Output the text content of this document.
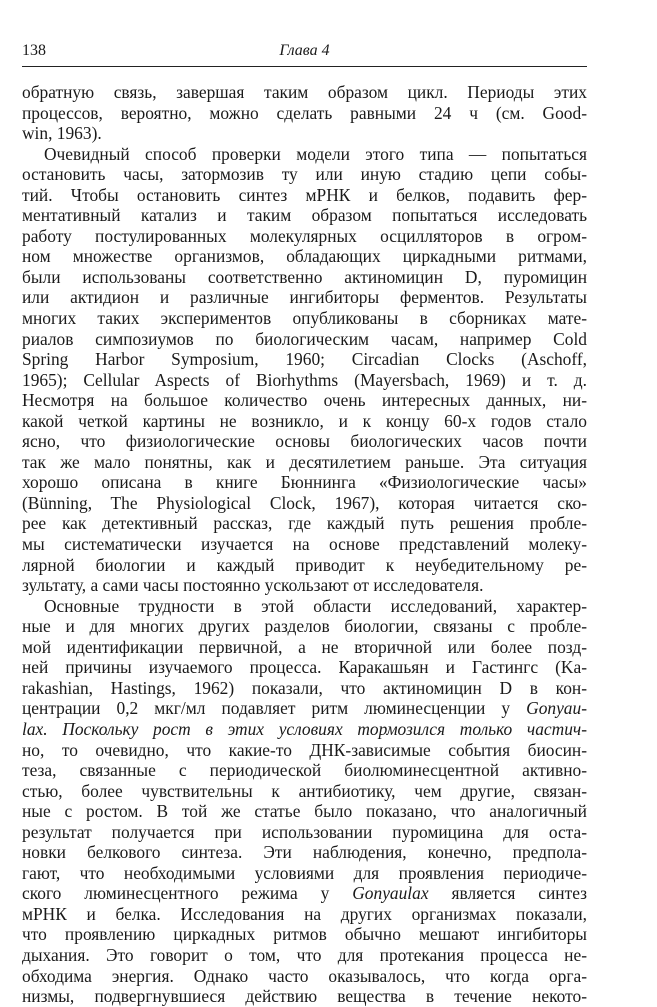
138	Глава 4
обратную связь, завершая таким образом цикл. Периоды этих
процессов, вероятно, можно сделать равными 24 ч (см. Good-
win, 1963).
Очевидный способ проверки модели этого типа — попытаться
остановить часы, затормозив ту или иную стадию цепи собы-
тий. Чтобы остановить синтез мРНК и белков, подавить фер-
ментативный катализ и таким образом попытаться исследовать
работу постулированных молекулярных осцилляторов в огром-
ном множестве организмов, обладающих циркадными ритмами,
были использованы соответственно актиномицин D, пуромицин
или актидион и различные ингибиторы ферментов. Результаты
многих таких экспериментов опубликованы в сборниках мате-
риалов симпозиумов по биологическим часам, например Cold
Spring Harbor Symposium, 1960; Circadian Clocks (Aschoff,
1965); Cellular Aspects of Biorhythms (Mayersbach, 1969) и т. д.
Несмотря на большое количество очень интересных данных, ни-
какой четкой картины не возникло, и к концу 60-х годов стало
ясно, что физиологические основы биологических часов почти
так же мало понятны, как и десятилетием раньше. Эта ситуация
хорошо описана в книге Бюннинга «Физиологические часы»
(Bünning, The Physiological Clock, 1967), которая читается ско-
рее как детективный рассказ, где каждый путь решения пробле-
мы систематически изучается на основе представлений молеку-
лярной биологии и каждый приводит к неубедительному ре-
зультату, а сами часы постоянно ускользают от исследователя.
Основные трудности в этой области исследований, характер-
ные и для многих других разделов биологии, связаны с пробле-
мой идентификации первичной, а не вторичной или более позд-
ней причины изучаемого процесса. Каракашьян и Гастингс (Ka-
rakashian, Hastings, 1962) показали, что актиномицин D в кон-
центрации 0,2 мкг/мл подавляет ритм люминесценции у Gonyau-
lax. Поскольку рост в этих условиях тормозился только частич-
но, то очевидно, что какие-то ДНК-зависимые события биосин-
теза, связанные с периодической биолюминесцентной активно-
стью, более чувствительны к антибиотику, чем другие, связан-
ные с ростом. В той же статье было показано, что аналогичный
результат получается при использовании пуромицина для оста-
новки белкового синтеза. Эти наблюдения, конечно, предпола-
гают, что необходимыми условиями для проявления периодиче-
ского люминесцентного режима у Gonyaulax является синтез
мРНК и белка. Исследования на других организмах показали,
что проявлению циркадных ритмов обычно мешают ингибиторы
дыхания. Это говорит о том, что для протекания процесса не-
обходима энергия. Однако часто оказывалось, что когда орга-
низмы, подвергнувшиеся действию вещества в течение некото-
